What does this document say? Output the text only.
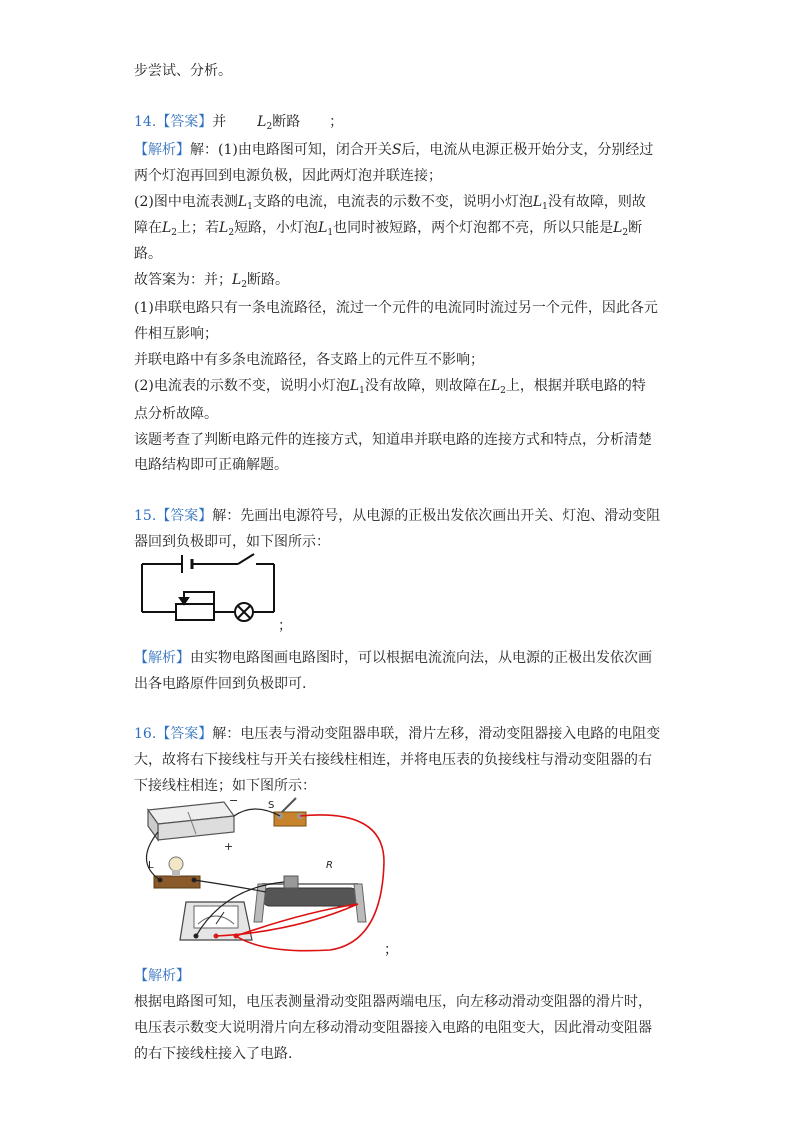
步尝试、分析。
14.【答案】并 $L_2$断路 ；
【解析】解：(1)由电路图可知，闭合开关S后，电流从电源正极开始分支，分别经过
两个灯泡再回到电源负极，因此两灯泡并联连接；
(2)图中电流表测$L_1$支路的电流，电流表的示数不变，说明小灯泡$L_1$没有故障，则故
障在$L_2$上；若$L_2$短路，小灯泡$L_1$也同时被短路，两个灯泡都不亮，所以只能是$L_2$断
路。
故答案为：并；$L_2$断路。
(1)串联电路只有一条电流路径，流过一个元件的电流同时流过另一个元件，因此各元
件相互影响；
并联电路中有多条电流路径，各支路上的元件互不影响；
(2)电流表的示数不变，说明小灯泡$L_1$没有故障，则故障在$L_2$上，根据并联电路的特
点分析故障。
该题考查了判断电路元件的连接方式，知道串并联电路的连接方式和特点，分析清楚
电路结构即可正确解题。
15.【答案】解：先画出电源符号，从电源的正极出发依次画出开关、灯泡、滑动变阻
器回到负极即可，如下图所示：
；
【解析】由实物电路图画电路图时，可以根据电流流向法，从电源的正极出发依次画
出各电路原件回到负极即可.
16.【答案】解：电压表与滑动变阻器串联，滑片左移，滑动变阻器接入电路的电阻变
大，故将右下接线柱与开关右接线柱相连，并将电压表的负接线柱与滑动变阻器的右
下接线柱相连；如下图所示：
−
+
S
L	R
；
【解析】
根据电路图可知，电压表测量滑动变阻器两端电压，向左移动滑动变阻器的滑片时，
电压表示数变大说明滑片向左移动滑动变阻器接入电路的电阻变大，因此滑动变阻器
的右下接线柱接入了电路.
